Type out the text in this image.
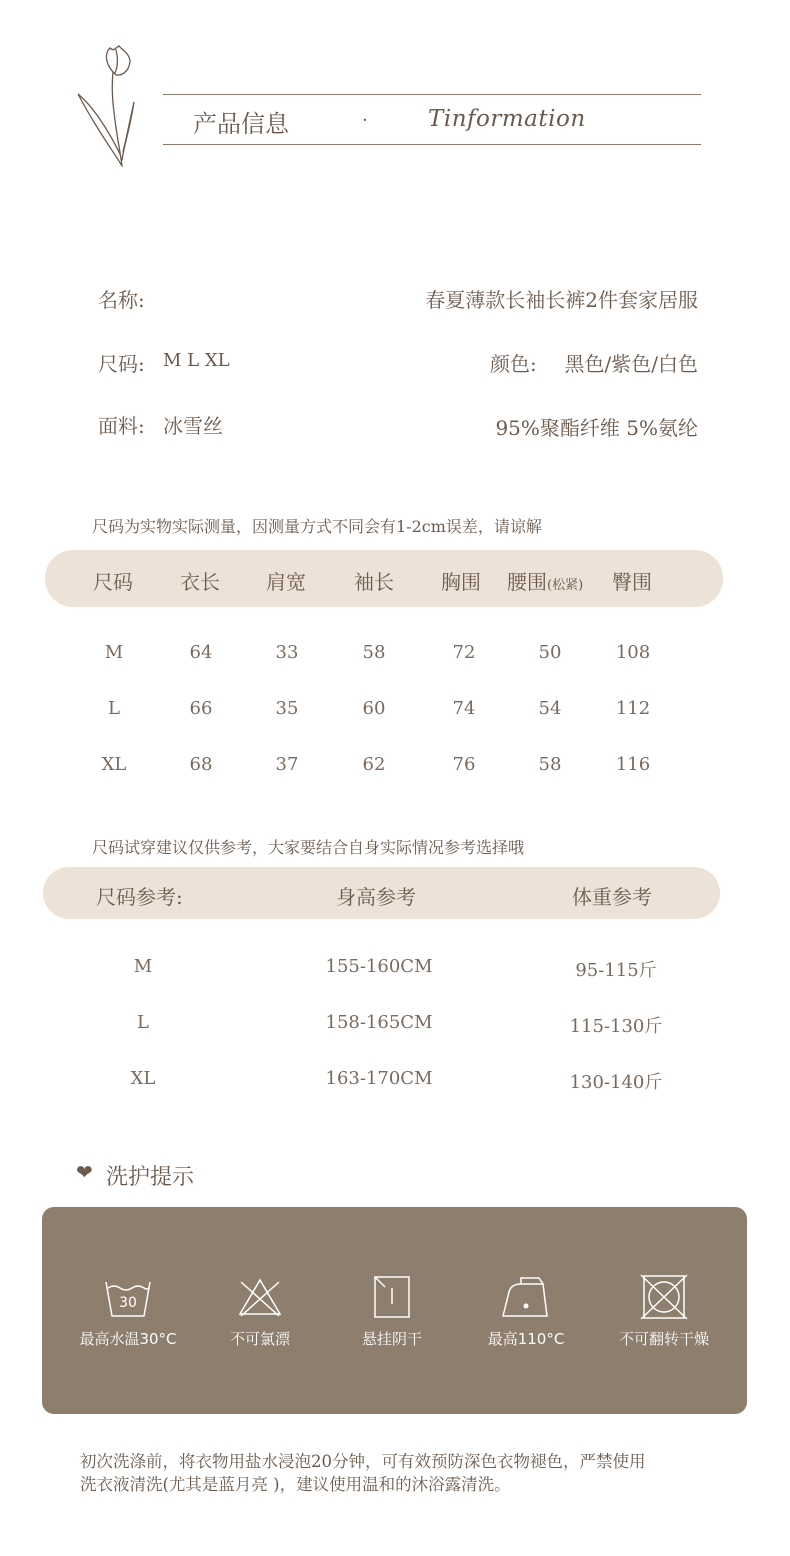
产品信息	·	Tinformation
名称:	春夏薄款长袖长裤2件套家居服
尺码: M L XL	颜色: 黑色/紫色/白色
面料: 冰雪丝	95%聚酯纤维 5%氨纶
尺码为实物实际测量，因测量方式不同会有1-2cm误差，请谅解
尺码 衣长 肩宽 袖长 胸围 腰围(松紧) 臀围
M	64	33	58	72	50	108
L	66	35	60	74	54	112
XL	68	37	62	76	58	116
尺码试穿建议仅供参考，大家要结合自身实际情况参考选择哦
尺码参考:	身高参考	体重参考
M	155-160CM	95-115斤
L	158-165CM	115-130斤
XL	163-170CM	130-140斤
❤ 洗护提示
30
最高水温30°C	不可氯漂	悬挂阴干	最高110°C	不可翻转干燥
初次洗涤前，将衣物用盐水浸泡20分钟，可有效预防深色衣物褪色，严禁使用
洗衣液清洗(尤其是蓝月亮 )，建议使用温和的沐浴露清洗。
